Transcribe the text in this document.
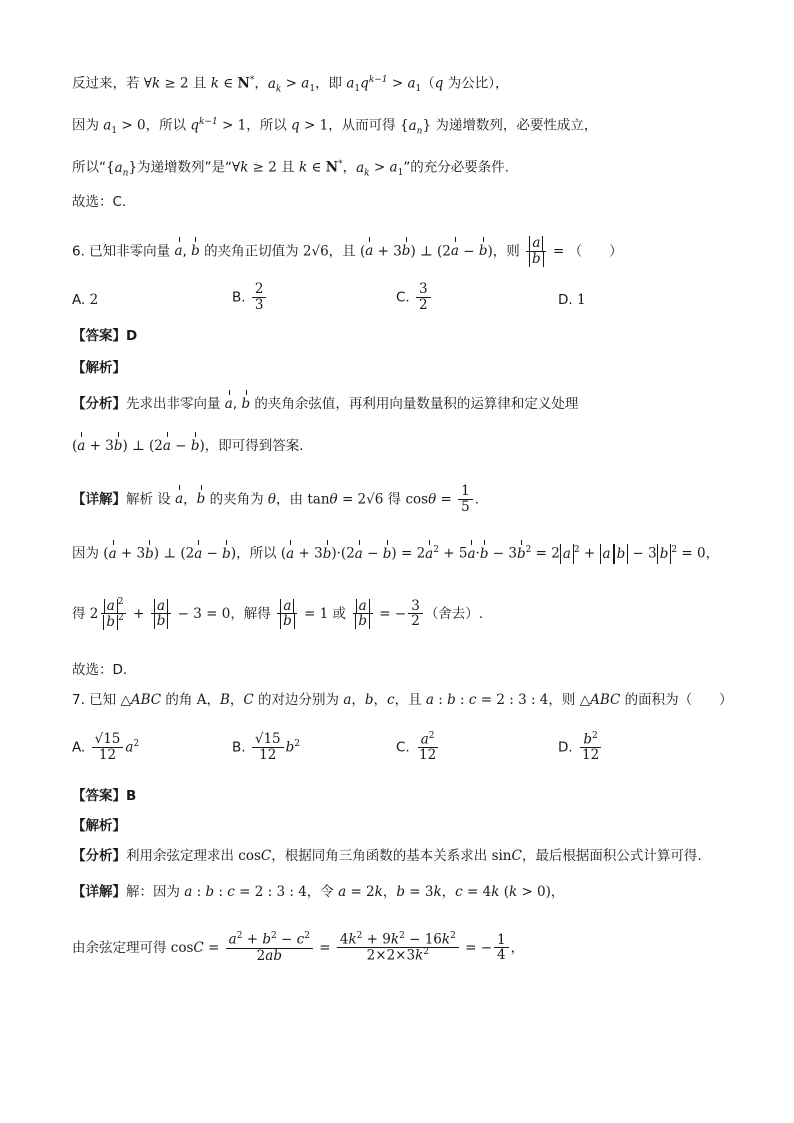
反过来，若 ∀k ≥ 2 且 k ∈ N*，$a_k > a_1$，即 $a_1q^{k-1} > a_1(q$ 为公比），
因为 $a_1 > 0$，所以 $q^{k-1} > 1$，所以 q > 1，从而可得 $\{a_n\}$ 为递增数列，必要性成立，
所以“$\{a_n\}$为递增数列”是“∀k ≥ 2 且 k ∈ N*，$a_k > a_1$”的充分必要条件.
故选：C.
6. 已知非零向量 a, b 的夹角正切值为 2√6，且 (a + 3b) ⊥ (2a − b)，则 $\frac{a}{b}$ = （　　）
A. 2	B. $\frac{2}{3}$	C. $\frac{3}{2}$	D. 1
【答案】D
【解析】
【分析】先求出非零向量 a, b 的夹角余弦值，再利用向量数量积的运算律和定义处理
(a + 3b) ⊥ (2a − b)，即可得到答案.
【详解】解析 设 a，b 的夹角为 θ，由 tanθ = 2√6 得 $\cos\theta = \frac{1}{5}$ .
因为 (a + 3b) ⊥ (2a − b)，所以 $(a + 3b)\cdot(2a - b) = 2a^2 + 5a\cdot b - 3b^2 = 2$ a $^2$ + a b − 3 b $^2$ = 0，
得 $2 \frac{a ^2}{b ^2} + \frac{a}{b} - 3 = 0$，解得 $\frac{a}{b} = 1$ 或 $\frac{a}{b}$ = − $\frac{3}{2}$ （舍去）.
故选：D.
7. 已知 △ABC 的角 A，B，C 的对边分别为 a，b，c，且 a : b : c = 2 : 3 : 4，则 △ABC 的面积为（　　）
A. $\frac{√15}{12} a^2$	B. $\frac{√15}{12} b^2$	C. $\frac{a^2}{12}$	D. $\frac{b^2}{12}$
【答案】B
【解析】
【分析】利用余弦定理求出 cosC，根据同角三角函数的基本关系求出 sinC，最后根据面积公式计算可得.
【详解】解：因为 a : b : c = 2 : 3 : 4，令 a = 2k，b = 3k，c = 4k (k > 0)，
由余弦定理可得 $\cos C = \frac{a^2 + b^2 - c^2}{2ab} = \frac{4k^2 + 9k^2 - 16k^2}{2\times 2\times 3k^2}$ = − $\frac{1}{4}$ ，
